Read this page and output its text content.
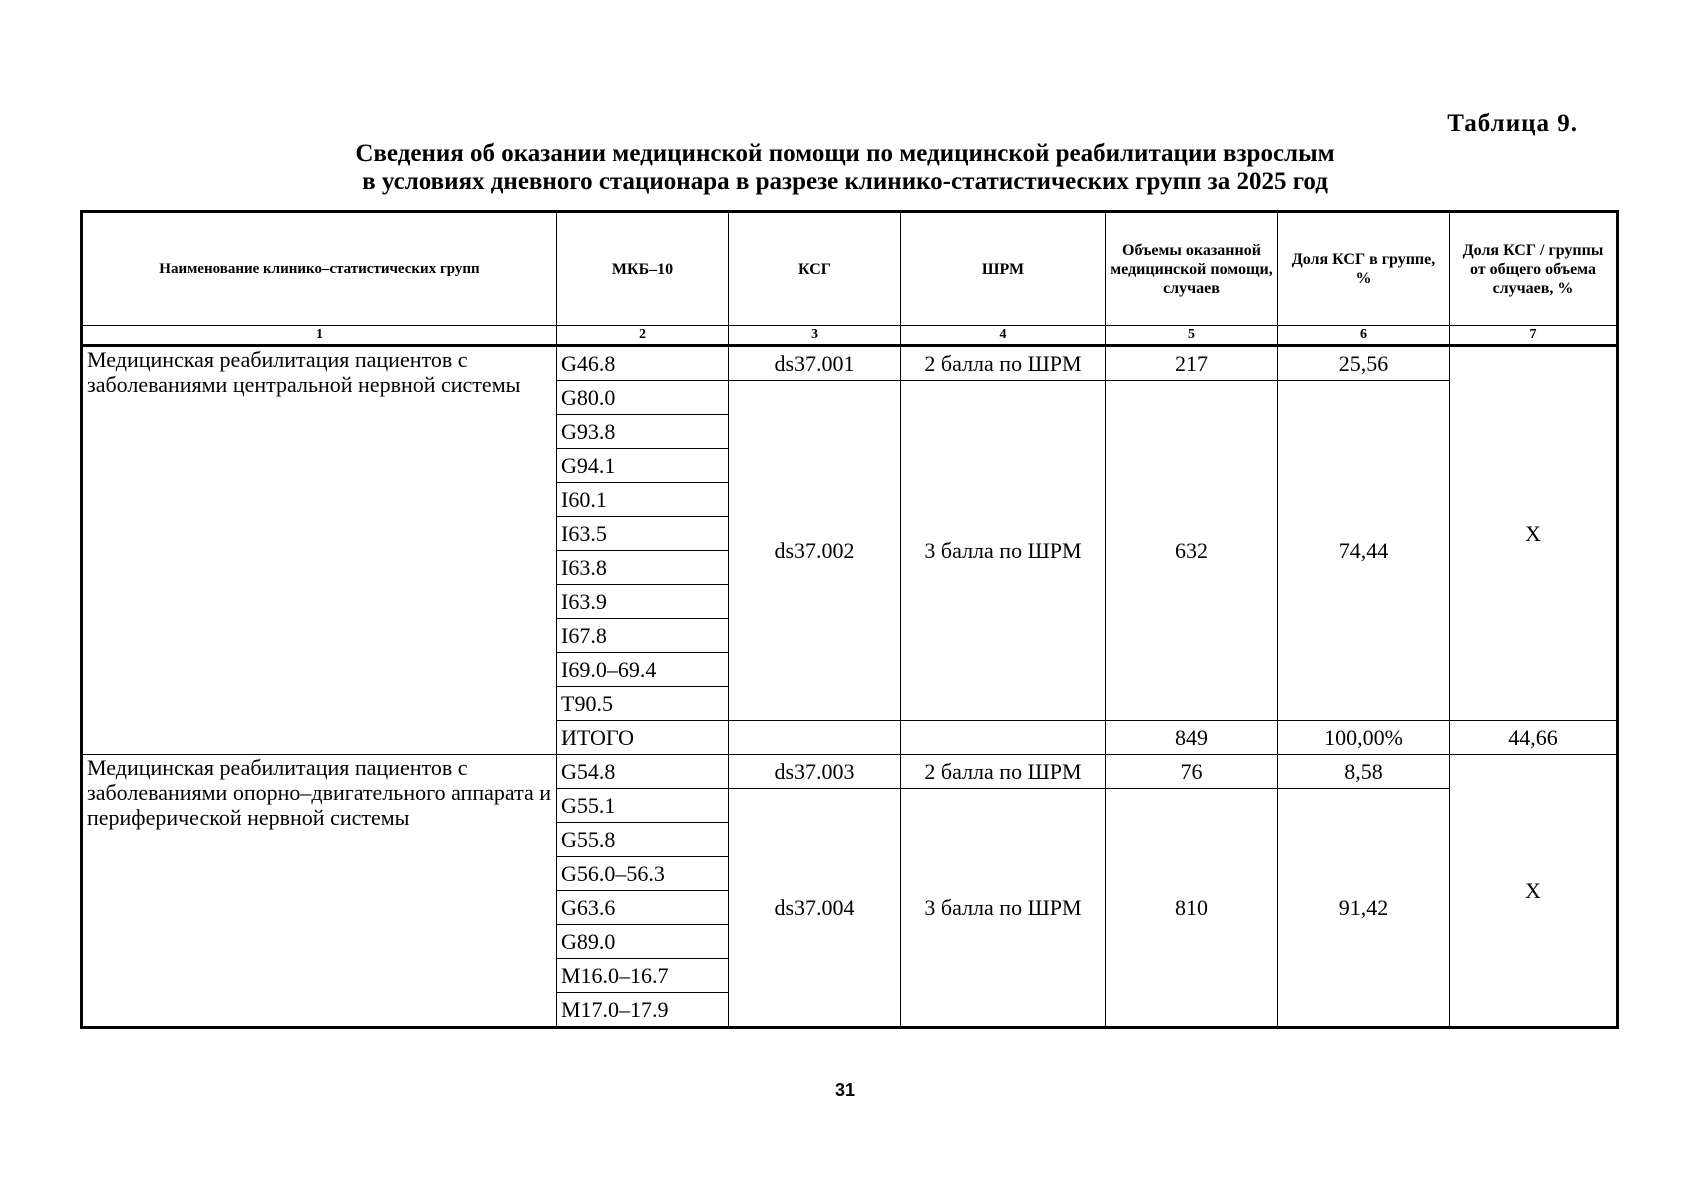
Таблица 9.
Сведения об оказании медицинской помощи по медицинской реабилитации взрослым
в условиях дневного стационара в разрезе клинико-статистических групп за 2025 год
Наименование клинико–статистических групп	МКБ–10	КСГ	ШРМ	Объемы оказанной медицинской помощи, случаев	Доля КСГ в группе, %	Доля КСГ / группы от общего объема случаев, %
1	2	3	4	5	6	7
Медицинская реабилитация пациентов с заболеваниями центральной нервной системы	G46.8	ds37.001	2 балла по ШРМ	217	25,56	X
	G80.0	ds37.002	3 балла по ШРМ	632	74,44	
	G93.8					
	G94.1					
	I60.1					
	I63.5					
	I63.8					
	I63.9					
	I67.8					
	I69.0–69.4					
	T90.5					
	ИТОГО			849	100,00%	44,66
Медицинская реабилитация пациентов с заболеваниями опорно–двигательного аппарата и периферической нервной системы	G54.8	ds37.003	2 балла по ШРМ	76	8,58	X
	G55.1	ds37.004	3 балла по ШРМ	810	91,42	
	G55.8					
	G56.0–56.3					
	G63.6					
	G89.0					
	M16.0–16.7					
	M17.0–17.9					
31
